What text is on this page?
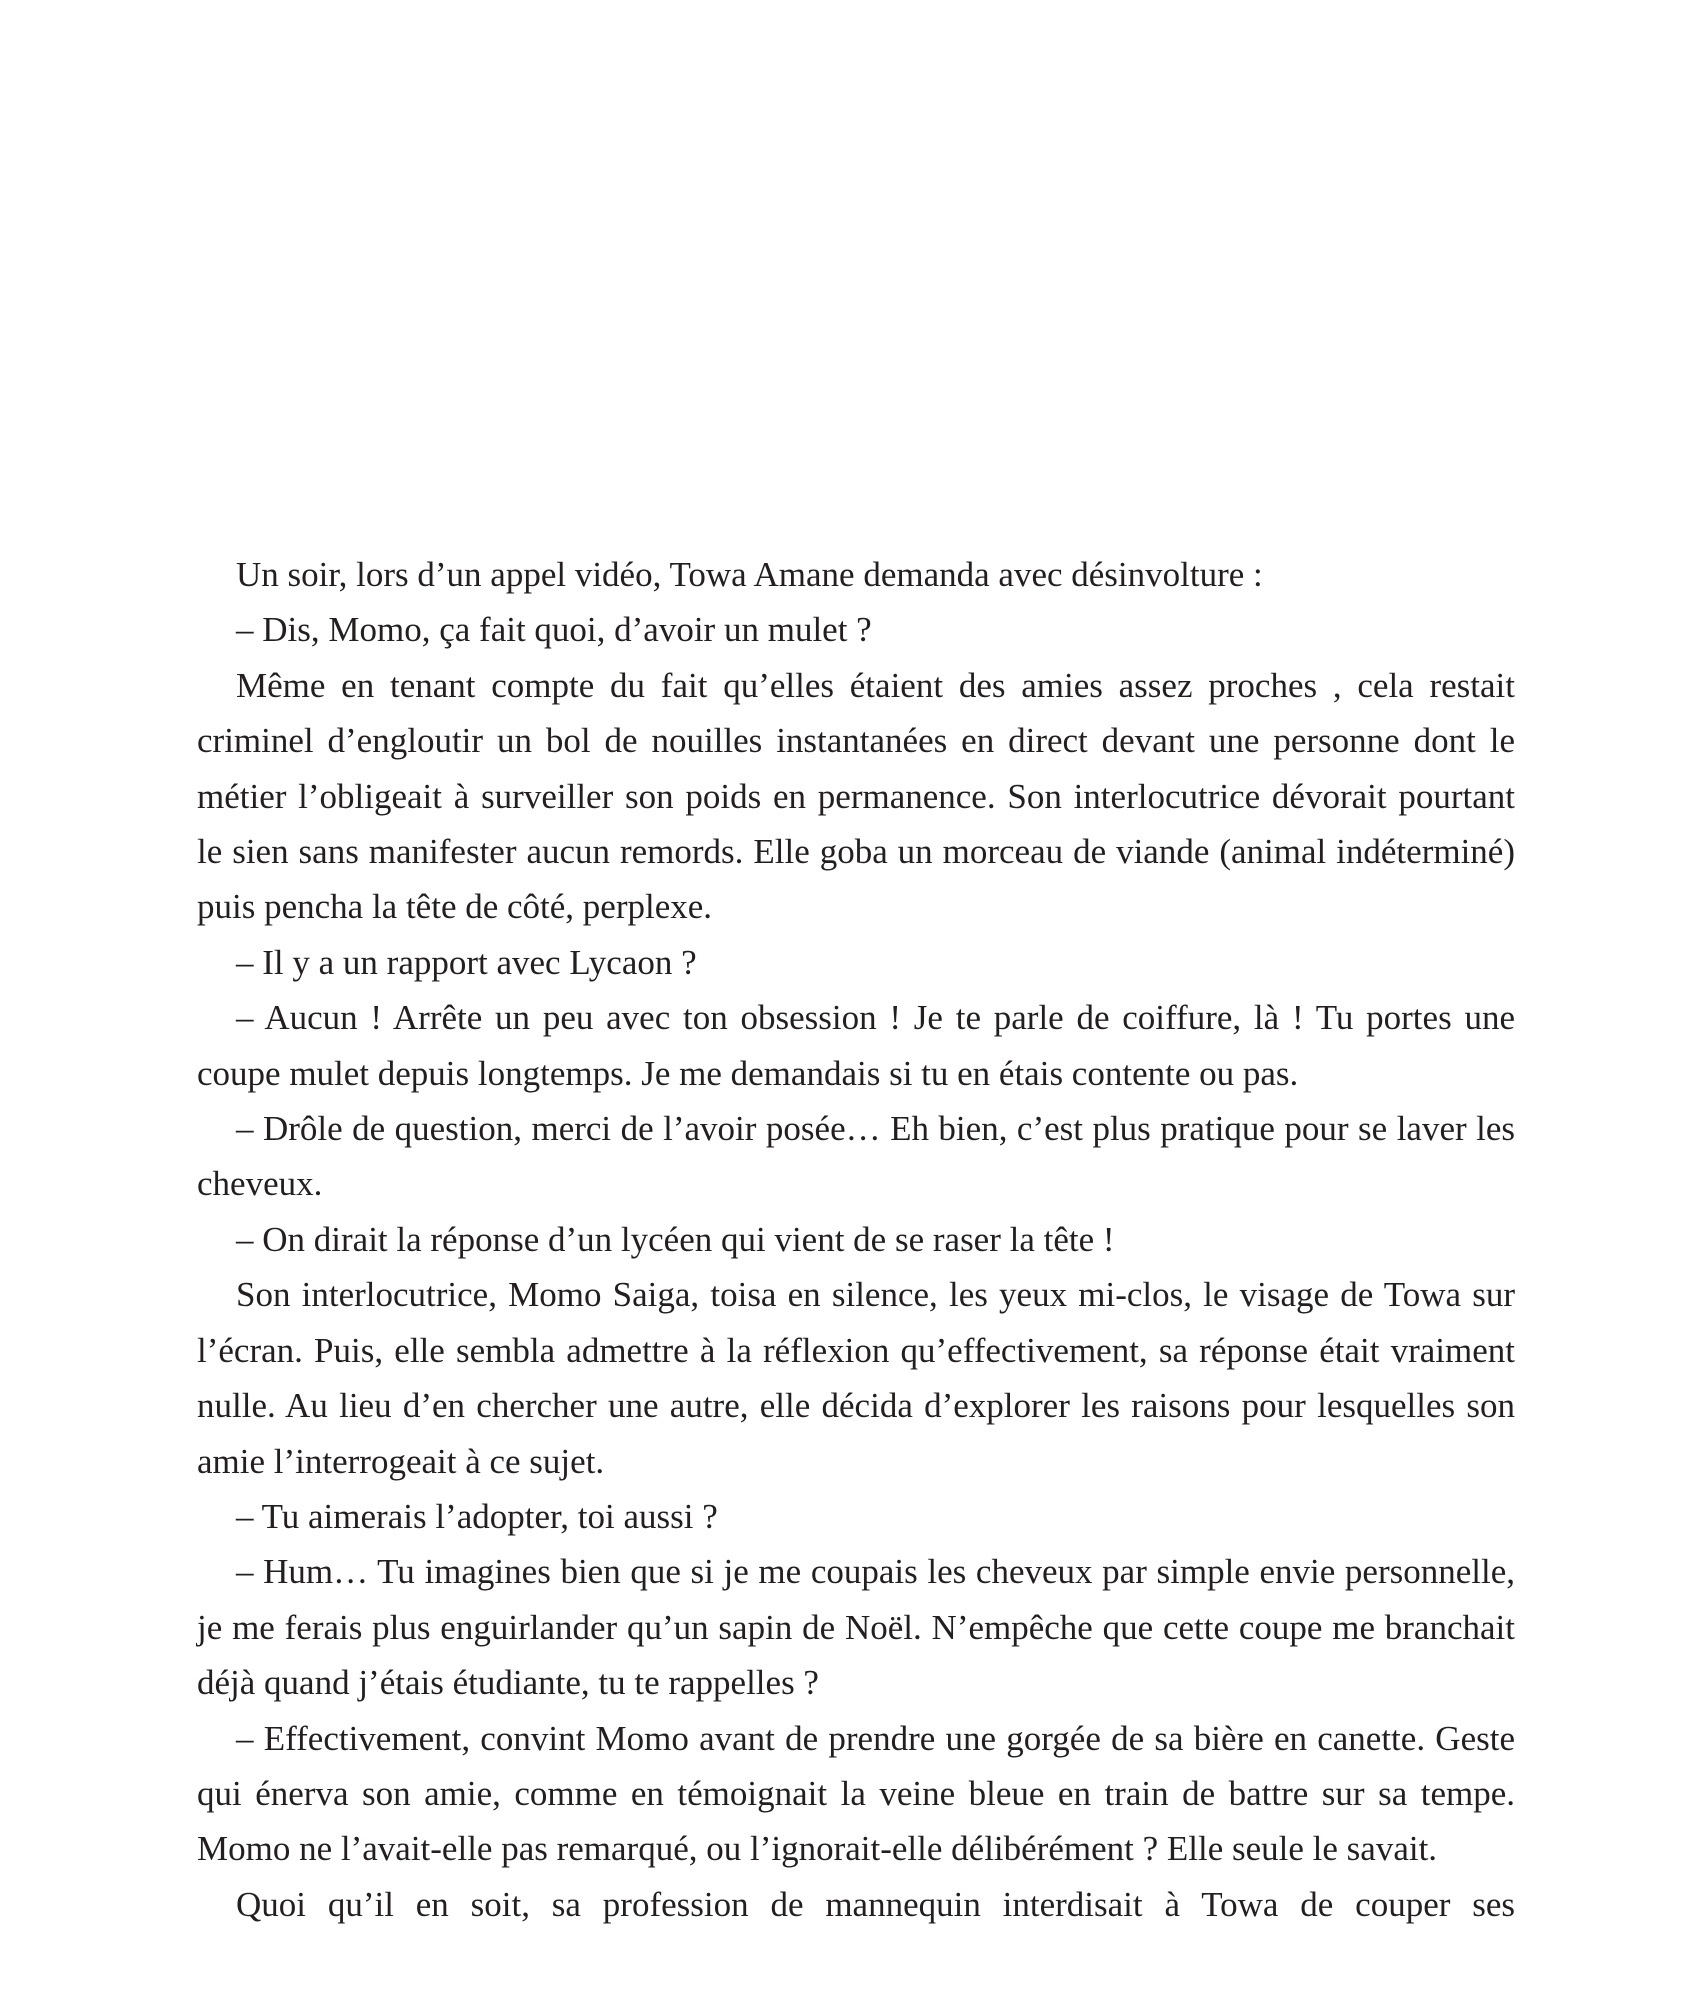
Un soir, lors d’un appel vidéo, Towa Amane demanda avec désinvolture :

– Dis, Momo, ça fait quoi, d’avoir un mulet ?

Même en tenant compte du fait qu’elles étaient des amies assez proches , cela restait criminel d’engloutir un bol de nouilles instantanées en direct devant une personne dont le métier l’obligeait à surveiller son poids en permanence. Son interlocutrice dévorait pourtant le sien sans manifester aucun remords. Elle goba un morceau de viande (animal indéterminé) puis pencha la tête de côté, perplexe.

– Il y a un rapport avec Lycaon ?

– Aucun ! Arrête un peu avec ton obsession ! Je te parle de coiffure, là ! Tu portes une coupe mulet depuis longtemps. Je me demandais si tu en étais contente ou pas.

– Drôle de question, merci de l’avoir posée… Eh bien, c’est plus pratique pour se laver les cheveux.

– On dirait la réponse d’un lycéen qui vient de se raser la tête !

Son interlocutrice, Momo Saiga, toisa en silence, les yeux mi-clos, le visage de Towa sur l’écran. Puis, elle sembla admettre à la réflexion qu’effectivement, sa réponse était vraiment nulle. Au lieu d’en chercher une autre, elle décida d’explorer les raisons pour lesquelles son amie l’interrogeait à ce sujet.

– Tu aimerais l’adopter, toi aussi ?

– Hum… Tu imagines bien que si je me coupais les cheveux par simple envie personnelle, je me ferais plus enguirlander qu’un sapin de Noël. N’empêche que cette coupe me branchait déjà quand j’étais étudiante, tu te rappelles ?

– Effectivement, convint Momo avant de prendre une gorgée de sa bière en canette. Geste qui énerva son amie, comme en témoignait la veine bleue en train de battre sur sa tempe. Momo ne l’avait-elle pas remarqué, ou l’ignorait-elle délibérément ? Elle seule le savait.

Quoi qu’il en soit, sa profession de mannequin interdisait à Towa de couper ses
